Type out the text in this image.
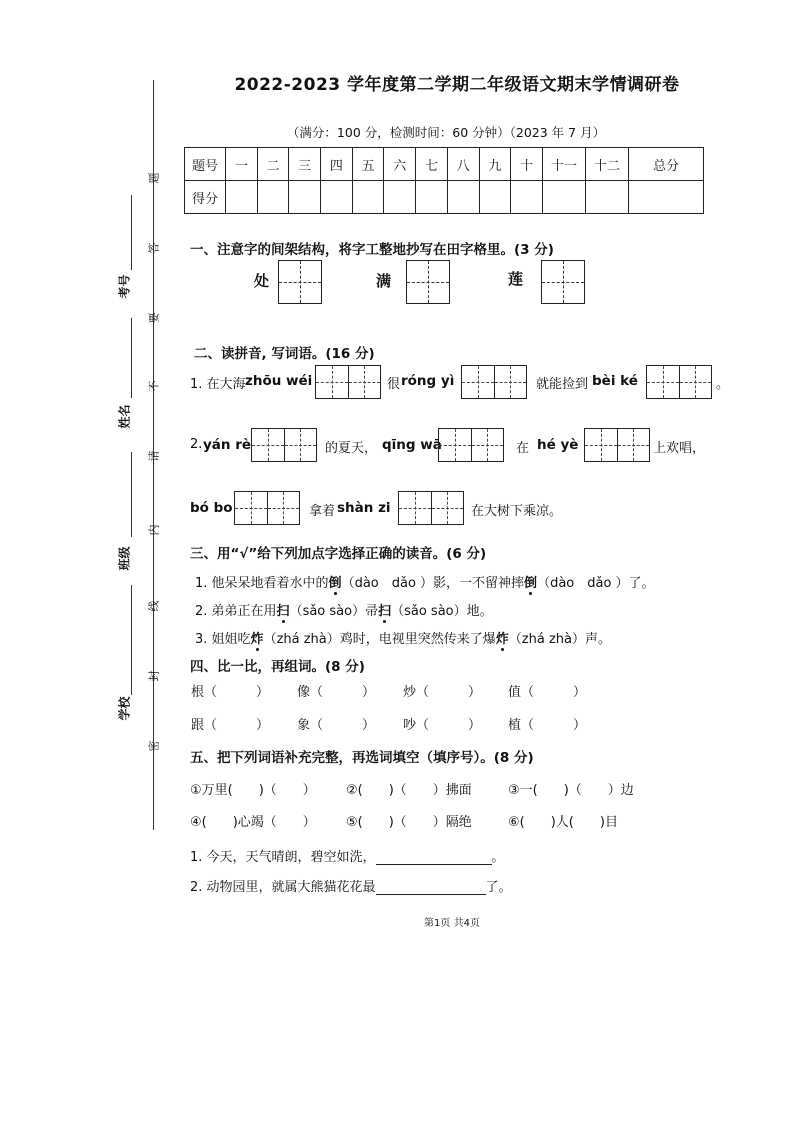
考号
姓名
班级
学校
题
答
要
不
请
内
线
封
密
2022-2023 学年度第二学期二年级语文期末学情调研卷
（满分：100 分，检测时间：60 分钟）（2023 年 7 月）
题号	一	二	三	四	五	六	七	八	九	十	十一	十二	总分
得分													
一、注意字的间架结构，将字工整地抄写在田字格里。(3 分)
处	满	莲
二、读拼音, 写词语。(16 分)
1. 在大海 zhōu wéi	很 róng yì	就能捡到 bèi ké	。
2. yán rè	的夏天， qīng wā	在 hé yè	上欢唱，
bó bo	拿着 shàn zi	在大树下乘凉。
三、用“√”给下列加点字选择正确的读音。(6 分)
1. 他呆呆地看着水中的倒（dào　dǎo ）影，一不留神摔倒（dào　dǎo ）了。
2. 弟弟正在用扫（sǎo sào）帚扫（sǎo sào）地。
3. 姐姐吃炸（zhá zhà）鸡时，电视里突然传来了爆炸（zhá zhà）声。
四、比一比，再组词。(8 分)
根（　　　） 像（　　　） 炒（　　　） 值（　　　）
跟（　　　） 象（　　　） 吵（　　　） 植（　　　）
五、把下列词语补充完整，再选词填空（填序号）。(8 分)
①万里(　　)（　　） ②(　　)（　　）拂面	③一(　　)（　　）边
④(　　)心竭（　　） ⑤(　　)（　　）隔绝	⑥(　　)人(　　)目
1. 今天，天气晴朗，碧空如洗，	。
2. 动物园里，就属大熊猫花花最	了。
第1页 共4页
